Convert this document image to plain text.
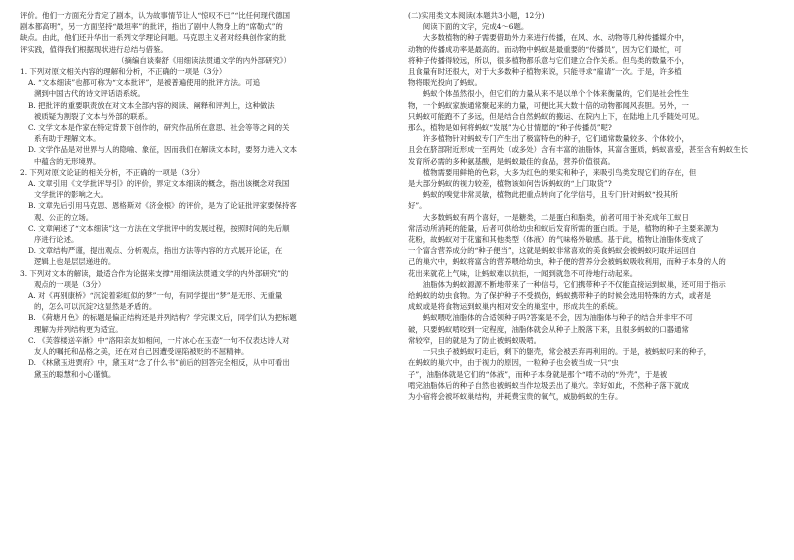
评价。他们一方面充分肯定了剧本，认为故事情节让人“惊叹不已”“比任何现代德国

剧本都高明”，另一方面坚持“最坦率”的批评，指出了剧中人物身上的“席勒式”的

缺点。由此，他们还升华出一系列文学理论问题。马克思主义者对经典创作家的批

评实践，值得我们根据现状进行总结与借鉴。

（摘编自谈秦舒《用细读法贯通文学的内外部研究》）

1. 下列对原文相关内容的理解和分析，不正确的一项是（3分）

A. “文本细读”也都可称为“文本批评”，是被普遍使用的批评方法。可追

溯到中国古代的诗文评话语系统。

B. 把批评的重要职责放在对文本全部内容的阅读、阐释和评判上，这种做法

被质疑为割裂了文本与外部的联系。

C. 文学文本是作家在特定背景下创作的，研究作品所在意思、社会等等之间的关

系有助于理解文本。

D. 文学作品是对世界与人的隐喻、象征，因而我们在解读文本时，要努力进入文本

中蕴含的无形境界。

2. 下列对原文论证的相关分析，不正确的一项是（3分）

A. 文章引用《文学批评导引》的评价，界定文本细读的概念，指出该概念对我国

文学批评的影响之大。

B. 文章先后引用马克思、恩格斯对《济金根》的评价，是为了论证批评家要保持客

观、公正的立场。

C. 文章阐述了“文本细读”这一方法在文学批评中的发展过程，按照时间的先后顺

序进行论述。

D. 文章结构严谨，提出观点、分析观点，指出方法等内容的方式展开论证，在

逻辑上也是层层递进的。

3. 下列对文本的解读，最适合作为论据来支撑“用细读法贯通文学的内外部研究”的

观点的一项是（3分）

A. 对《再别康桥》“沉淀着彩虹似的梦”一句，有同学提出“梦”是无形、无重量

的，怎么可以沉淀?这显然是矛盾的。

B. 《荷塘月色》的标题是偏正结构还是并列结构？学完课文后，同学们认为把标题

理解为并列结构更为适宜。

C. 《芙蓉楼送辛渐》中“洛阳亲友如相问，一片冰心在玉壶”一句不仅表达诗人对

友人的嘱托和品格之美，还在对自己因遭受诬陷被贬的不屈精神。

D. 《林黛玉进贾府》中，黛玉对“念了什么书”前后的回答完全相反，从中可看出

黛玉的聪慧和小心谨慎。

(二)实用类文本阅读(本题共3小题，12分)

阅读下面的文字，完成4～6题。

大多数植物的种子需要借助外力来进行传播，在风、水、动物等几种传播媒介中，

动物的传播成功率是最高的。而动物中蚂蚁是最重要的“传播员”，因为它们最忙，可

将种子传播得较远，所以，很多植物都乐意与它们建立合作关系。但鸟类的数量不小，

且食量有时还很大，对于大多数种子植物来说，只能寻求“雇请”一次。于是，许多植

物将眼光投向了蚂蚁。

蚂蚁个体虽然很小，但它们的力量从来不是以单个个体来衡量的，它们是社会性生

物，一个蚂蚁家族通常聚起来的力量，可便比其大数十倍的动物都闻风丧胆。另外，一

只蚂蚁可能跑不了多远，但是结合自然蚂蚁的搬运、在院内上下，在陆地上几乎随处可见。

那么，植物是如何将蚂蚁“发展”为心甘情愿的“种子传播员”呢?

许多植物针对蚂蚁专门产生出了极富特色的种子，它们通常数量较多、个体较小，

且会在脐部附近形成一至两处（或多处）含有丰富的油脂体，其富含蛋质，蚂蚁喜爱，甚至含有蚂蚁生长

发育所必需的多种氨基酸，是蚂蚁最佳的食品，营养价值很高。

植物需要用鲜艳的色彩，大多为红色的果实和种子，来吸引鸟类发现它们的存在，但

是大部分蚂蚁的视力较差，植物该如何告诉蚂蚁的“上门取货”?

蚂蚁的嗅觉非常灵敏，植物此把重点转向了化学信号，且专门针对蚂蚁“投其所

好”。

大多数蚂蚁有两个喜好，一是糖类，二是蛋白和脂类，前者可用于补充成年工蚁日

常活动所消耗的能量，后者可供给幼虫和蚁后发育所需的蛋白质。于是，植物的种子主要来源为

花粉，故蚂蚁对于花蜜和其他类型（体液）的气味格外敏感。基于此，植物让油脂体变成了

一个富含营养成分的“种子便当”，这就是蚂蚁非常喜欢的美食蚂蚁会被蚂蚁叼取并运回自

己的巢穴中，蚂蚁将富含的营养喂给幼虫，种子便的营养分会被蚂蚁吸收利用，而种子本身的人的

花出来就花上气味，让蚂蚁难以抗拒，一闻到就急不可待地行动起来。

油脂体为蚂蚁源源不断地带来了一种信号，它们携带种子不仅能直接运到蚁巢，还可用于指示

给蚂蚁的幼虫食物。为了保护种子不受损伤，蚂蚁携带种子的时候会选用特殊的方式，或者是

成蚁或是将食物运到蚁巢内相对安全的巢室中，形成共生的系统。

蚂蚁喂吃油脂体的合适领种子吗?答案是不会，因为油脂体与种子的结合并非牢不可

破，只要蚂蚁啃咬到一定程度，油脂体就会从种子上脱落下来，且很多蚂蚁的口器通常

常较窄，目的就是为了防止被蚂蚁吸啃。

一只虫子被蚂蚁叼走后，剩下的躯壳，常会被丢弃再利用的。于是，被蚂蚁叼来的种子，

在蚂蚁的巢穴中，由于视力的原因，一粒种子也会被当成一只“虫

子”，油脂体就是它们的“体液”，而种子本身就是那个“啃不动的“外壳”，于是被

啃完油脂体后的种子自然也被蚂蚁当作垃圾丢出了巢穴。幸好如此，不然种子落下就成

为小宿将会被坏蚁巢结构，并耗费宝贵的氧气，威胁蚂蚁的生存。
